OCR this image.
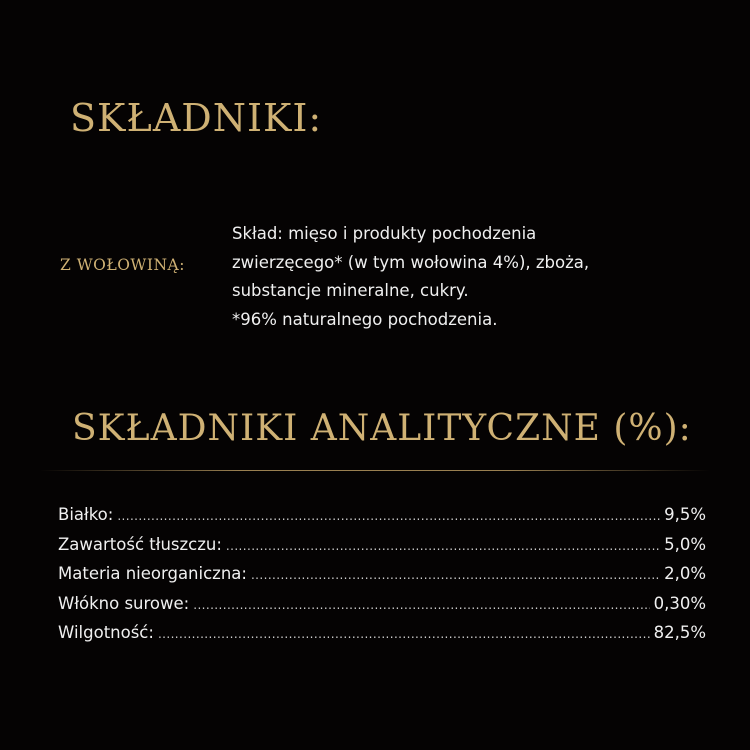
SKŁADNIKI:
Z WOŁOWINĄ:
Skład: mięso i produkty pochodzenia
zwierzęcego* (w tym wołowina 4%), zboża,
substancje mineralne, cukry.
*96% naturalnego pochodzenia.
SKŁADNIKI ANALITYCZNE (%):
Białko: .....	9,5%
Zawartość tłuszczu: .....	5,0%
Materia nieorganiczna: .....	2,0%
Włókno surowe: .....	0,30%
Wilgotność: .....	82,5%
